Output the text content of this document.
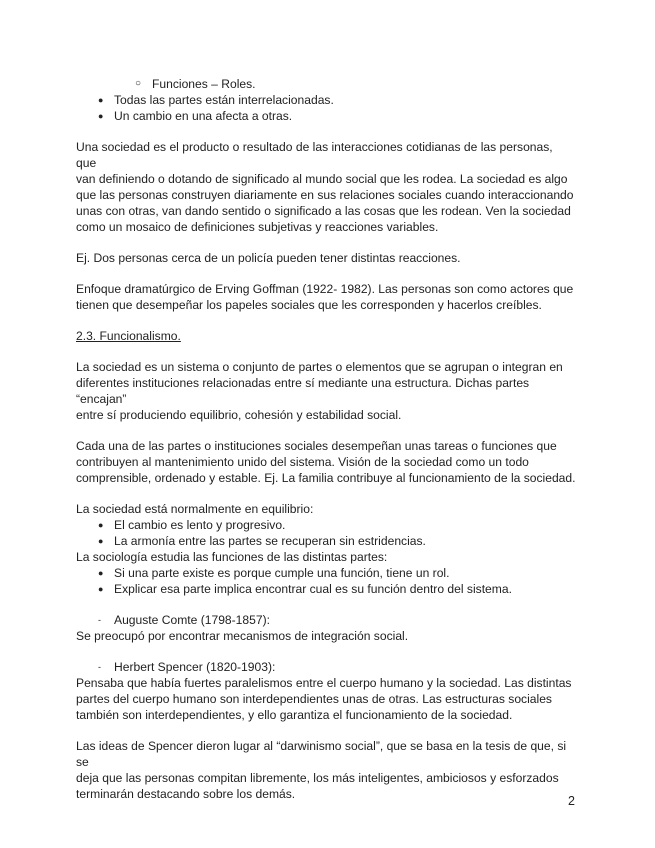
○ Funciones – Roles.
● Todas las partes están interrelacionadas.
● Un cambio en una afecta a otras.

Una sociedad es el producto o resultado de las interacciones cotidianas de las personas, que

van definiendo o dotando de significado al mundo social que les rodea. La sociedad es algo

que las personas construyen diariamente en sus relaciones sociales cuando interaccionando

unas con otras, van dando sentido o significado a las cosas que les rodean. Ven la sociedad

como un mosaico de definiciones subjetivas y reacciones variables.

Ej. Dos personas cerca de un policía pueden tener distintas reacciones.

Enfoque dramatúrgico de Erving Goffman (1922- 1982). Las personas son como actores que

tienen que desempeñar los papeles sociales que les corresponden y hacerlos creíbles.

2.3. Funcionalismo.

La sociedad es un sistema o conjunto de partes o elementos que se agrupan o integran en

diferentes instituciones relacionadas entre sí mediante una estructura. Dichas partes “encajan”

entre sí produciendo equilibrio, cohesión y estabilidad social.

Cada una de las partes o instituciones sociales desempeñan unas tareas o funciones que

contribuyen al mantenimiento unido del sistema. Visión de la sociedad como un todo

comprensible, ordenado y estable. Ej. La familia contribuye al funcionamiento de la sociedad.

La sociedad está normalmente en equilibrio:

● El cambio es lento y progresivo.
● La armonía entre las partes se recuperan sin estridencias.

La sociología estudia las funciones de las distintas partes:

● Si una parte existe es porque cumple una función, tiene un rol.
● Explicar esa parte implica encontrar cual es su función dentro del sistema.
- Auguste Comte (1798-1857):

Se preocupó por encontrar mecanismos de integración social.

- Herbert Spencer (1820-1903):

Pensaba que había fuertes paralelismos entre el cuerpo humano y la sociedad. Las distintas

partes del cuerpo humano son interdependientes unas de otras. Las estructuras sociales

también son interdependientes, y ello garantiza el funcionamiento de la sociedad.

Las ideas de Spencer dieron lugar al “darwinismo social”, que se basa en la tesis de que, si se

deja que las personas compitan libremente, los más inteligentes, ambiciosos y esforzados

terminarán destacando sobre los demás.	2
